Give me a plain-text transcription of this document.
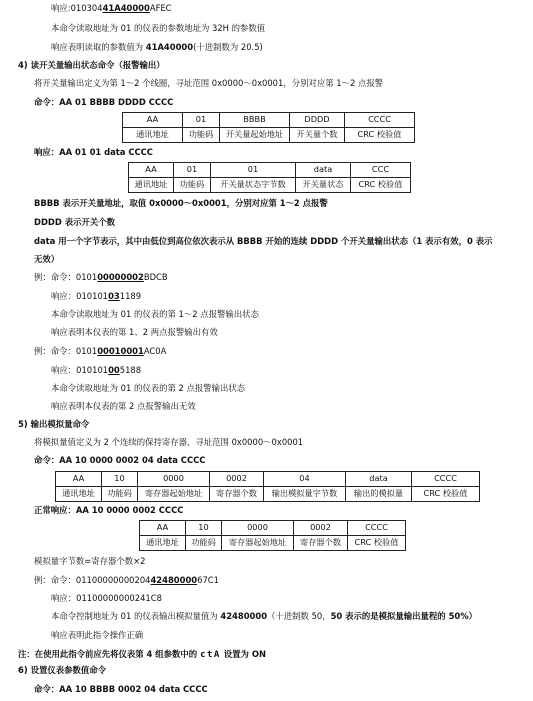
响应:01030441A40000AFEC
本命令读取地址为 01 的仪表的参数地址为 32H 的参数值
响应表明读取的参数值为 41A40000(十进制数为 20.5)
4) 读开关量输出状态命令（报警输出）
将开关量输出定义为第 1～2 个线圈，寻址范围 0x0000～0x0001，分别对应第 1～2 点报警
命令：AA 01 BBBB DDDD CCCC
AA	01	BBBB	DDDD	CCCC
通讯地址	功能码	开关量起始地址	开关量个数	CRC 校验值
响应：AA 01 01 data CCCC
AA	01	01	data	CCC
通讯地址	功能码	开关量状态字节数	开关量状态	CRC 校验值
BBBB 表示开关量地址，取值 0x0000～0x0001，分别对应第 1～2 点报警
DDDD 表示开关个数
data 用一个字节表示，其中由低位到高位依次表示从 BBBB 开始的连续 DDDD 个开关量输出状态（1 表示有效，0 表示
无效）
例：命令：010100000002BDCB
响应：010101031189
本命令读取地址为 01 的仪表的第 1～2 点报警输出状态
响应表明本仪表的第 1、2 两点报警输出有效
例：命令：010100010001AC0A
响应：010101005188
本命令读取地址为 01 的仪表的第 2 点报警输出状态
响应表明本仪表的第 2 点报警输出无效
5) 输出模拟量命令
将模拟量值定义为 2 个连续的保持寄存器，寻址范围 0x0000～0x0001
命令：AA 10 0000 0002 04 data CCCC
AA	10	0000	0002	04	data	CCCC
通讯地址	功能码	寄存器起始地址	寄存器个数	输出模拟量字节数	输出的模拟量	CRC 校验值
正常响应：AA 10 0000 0002 CCCC
AA	10	0000	0002	CCCC
通讯地址	功能码	寄存器起始地址	寄存器个数	CRC 校验值
模拟量字节数=寄存器个数×2
例：命令：011000000002044248000067C1
响应：01100000000241C8
本命令控制地址为 01 的仪表输出模拟量值为 42480000（十进制数 50，50 表示的是模拟量输出量程的 50%）
响应表明此指令操作正确
注：在使用此指令前应先将仪表第 4 组参数中的 ctA 设置为 ON
6) 设置仪表参数值命令
命令：AA 10 BBBB 0002 04 data CCCC
